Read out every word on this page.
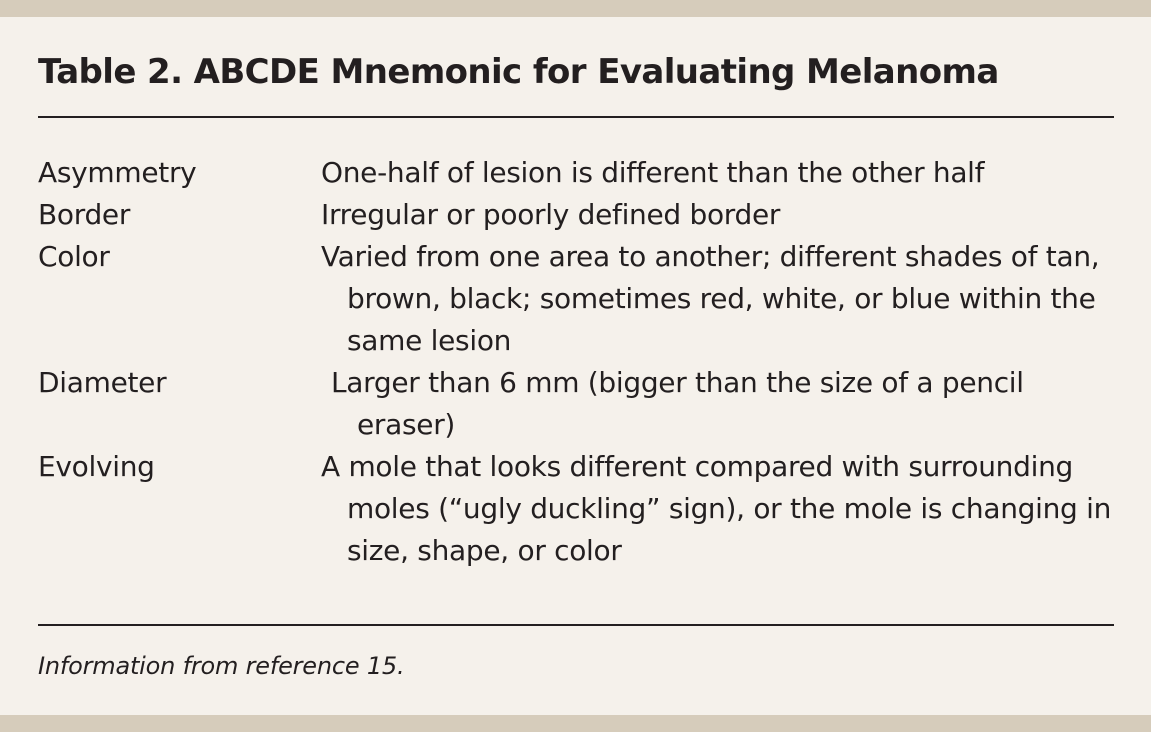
Table 2. ABCDE Mnemonic for Evaluating Melanoma
Asymmetry	One-half of lesion is different than the other half
Border	Irregular or poorly defined border
Color	Varied from one area to another; different shades of tan, brown, black; sometimes red, white, or blue within the same lesion
Diameter	Larger than 6 mm (bigger than the size of a pencil eraser)
Evolving	A mole that looks different compared with surrounding moles (“ugly duckling” sign), or the mole is changing in size, shape, or color

Information from reference 15.
